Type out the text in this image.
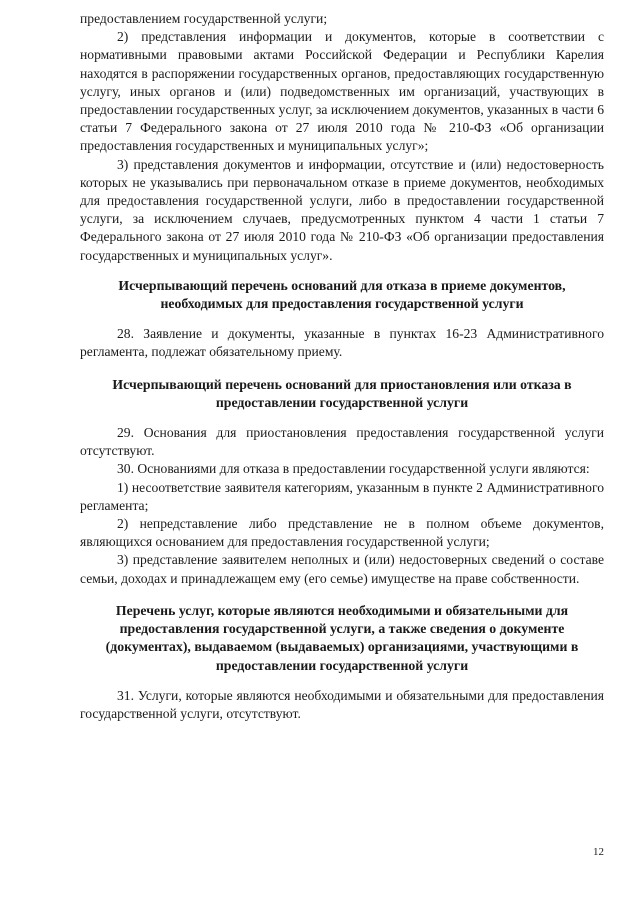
предоставлением государственной услуги;

2) представления информации и документов, которые в соответствии с нормативными правовыми актами Российской Федерации и Республики Карелия находятся в распоряжении государственных органов, предоставляющих государственную услугу, иных органов и (или) подведомственных им организаций, участвующих в предоставлении государственных услуг, за исключением документов, указанных в части 6 статьи 7 Федерального закона от 27 июля 2010 года № 210-ФЗ «Об организации предоставления государственных и муниципальных услуг»;

3) представления документов и информации, отсутствие и (или) недостоверность которых не указывались при первоначальном отказе в приеме документов, необходимых для предоставления государственной услуги, либо в предоставлении государственной услуги, за исключением случаев, предусмотренных пунктом 4 части 1 статьи 7 Федерального закона от 27 июля 2010 года № 210-ФЗ «Об организации предоставления государственных и муниципальных услуг».

Исчерпывающий перечень оснований для отказа в приеме документов, необходимых для предоставления государственной услуги

28. Заявление и документы, указанные в пунктах 16-23 Административного регламента, подлежат обязательному приему.

Исчерпывающий перечень оснований для приостановления или отказа в предоставлении государственной услуги

29. Основания для приостановления предоставления государственной услуги отсутствуют.

30. Основаниями для отказа в предоставлении государственной услуги являются:

1) несоответствие заявителя категориям, указанным в пункте 2 Административного регламента;

2) непредставление либо представление не в полном объеме документов, являющихся основанием для предоставления государственной услуги;

3) представление заявителем неполных и (или) недостоверных сведений о составе семьи, доходах и принадлежащем ему (его семье) имуществе на праве собственности.

Перечень услуг, которые являются необходимыми и обязательными для предоставления государственной услуги, а также сведения о документе (документах), выдаваемом (выдаваемых) организациями, участвующими в предоставлении государственной услуги

31. Услуги, которые являются необходимыми и обязательными для предоставления государственной услуги, отсутствуют.

12
